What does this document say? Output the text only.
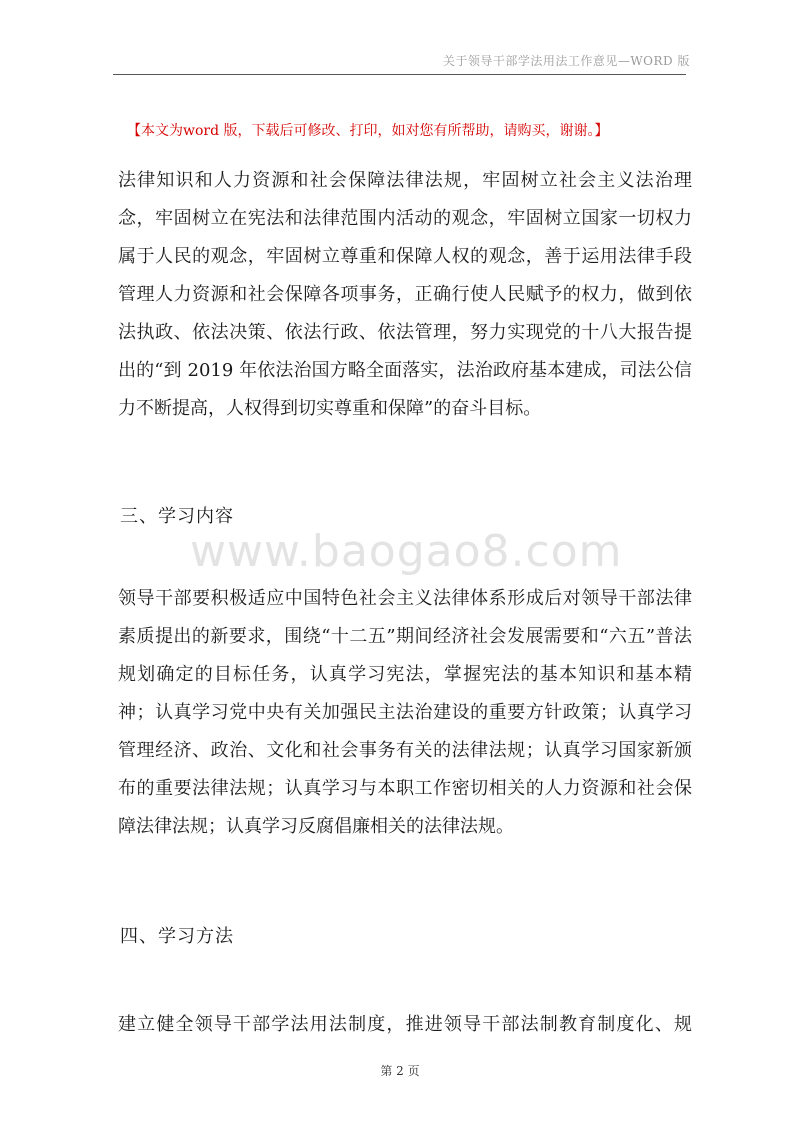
关于领导干部学法用法工作意见—WORD 版
【本文为word 版，下载后可修改、打印，如对您有所帮助，请购买，谢谢。】

法律知识和人力资源和社会保障法律法规，牢固树立社会主义法治理念，牢固树立在宪法和法律范围内活动的观念，牢固树立国家一切权力属于人民的观念，牢固树立尊重和保障人权的观念，善于运用法律手段管理人力资源和社会保障各项事务，正确行使人民赋予的权力，做到依法执政、依法决策、依法行政、依法管理，努力实现党的十八大报告提出的“到 2019 年依法治国方略全面落实，法治政府基本建成，司法公信力不断提高，人权得到切实尊重和保障”的奋斗目标。

三、学习内容
www.baogao8.com

领导干部要积极适应中国特色社会主义法律体系形成后对领导干部法律素质提出的新要求，围绕“十二五”期间经济社会发展需要和“六五”普法规划确定的目标任务，认真学习宪法，掌握宪法的基本知识和基本精神；认真学习党中央有关加强民主法治建设的重要方针政策；认真学习管理经济、政治、文化和社会事务有关的法律法规；认真学习国家新颁布的重要法律法规；认真学习与本职工作密切相关的人力资源和社会保障法律法规；认真学习反腐倡廉相关的法律法规。

四、学习方法

建立健全领导干部学法用法制度，推进领导干部法制教育制度化、规

第 2 页
